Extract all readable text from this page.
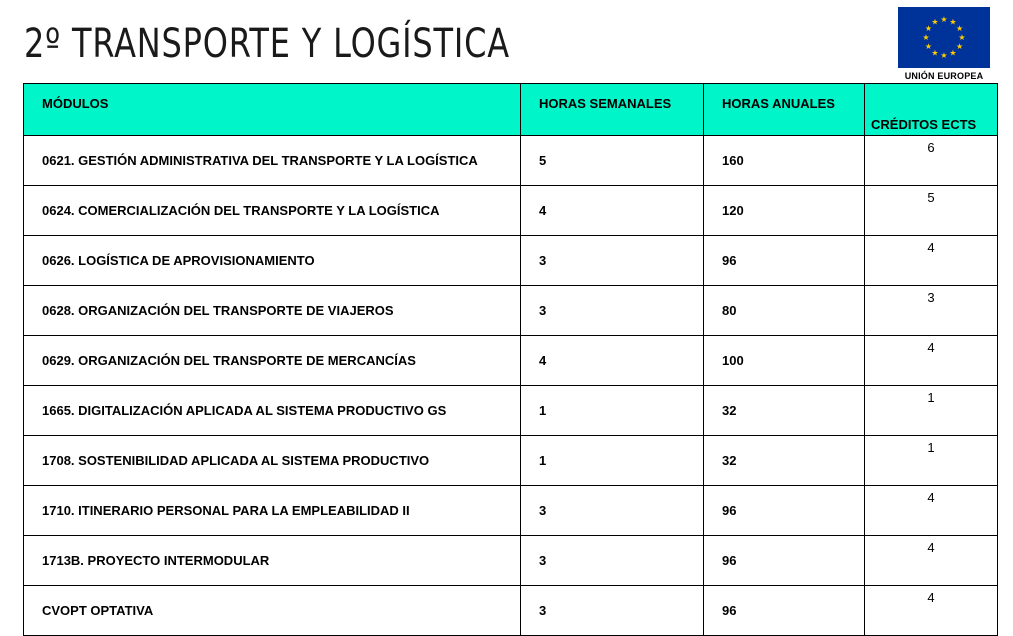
2º TRANSPORTE Y LOGÍSTICA
★ ★
★
★
★
★
★
★
★
★
★
★
UNIÓN EUROPEA
MÓDULOS	HORAS SEMANALES	HORAS ANUALES	CRÉDITOS ECTS
0621. GESTIÓN ADMINISTRATIVA DEL TRANSPORTE Y LA LOGÍSTICA	5	160	6
0624. COMERCIALIZACIÓN DEL TRANSPORTE Y LA LOGÍSTICA	4	120	5
0626. LOGÍSTICA DE APROVISIONAMIENTO	3	96	4
0628. ORGANIZACIÓN DEL TRANSPORTE DE VIAJEROS	3	80	3
0629. ORGANIZACIÓN DEL TRANSPORTE DE MERCANCÍAS	4	100	4
1665. DIGITALIZACIÓN APLICADA AL SISTEMA PRODUCTIVO GS	1	32	1
1708. SOSTENIBILIDAD APLICADA AL SISTEMA PRODUCTIVO	1	32	1
1710. ITINERARIO PERSONAL PARA LA EMPLEABILIDAD II	3	96	4
1713B. PROYECTO INTERMODULAR	3	96	4
CVOPT OPTATIVA	3	96	4
